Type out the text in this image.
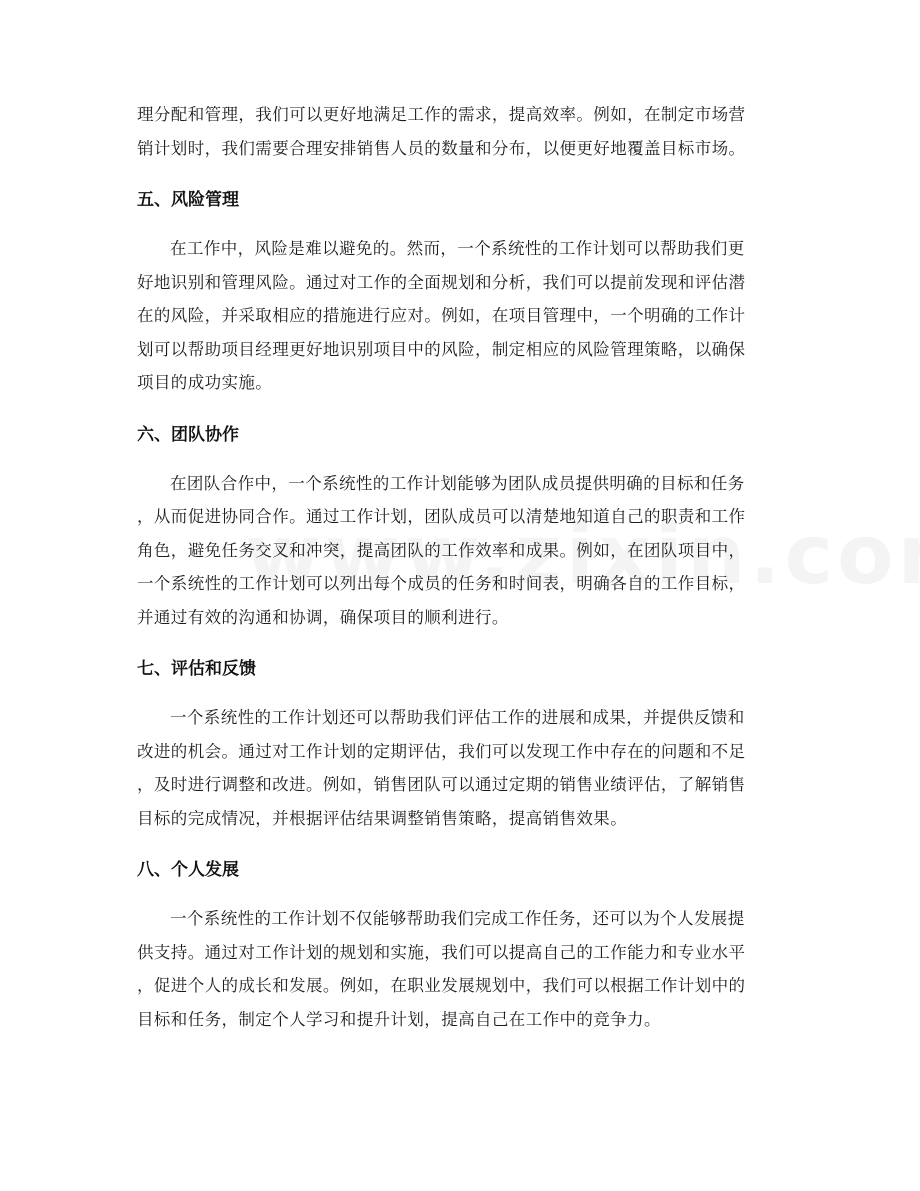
理分配和管理，我们可以更好地满足工作的需求，提高效率。例如，在制定市场营
销计划时，我们需要合理安排销售人员的数量和分布，以便更好地覆盖目标市场。

五、风险管理

在工作中，风险是难以避免的。然而，一个系统性的工作计划可以帮助我们更
好地识别和管理风险。通过对工作的全面规划和分析，我们可以提前发现和评估潜
在的风险，并采取相应的措施进行应对。例如，在项目管理中，一个明确的工作计
划可以帮助项目经理更好地识别项目中的风险，制定相应的风险管理策略，以确保
项目的成功实施。

六、团队协作

在团队合作中，一个系统性的工作计划能够为团队成员提供明确的目标和任务
，从而促进协同合作。通过工作计划，团队成员可以清楚地知道自己的职责和工作
角色，避免任务交叉和冲突，提高团队的工作效率和成果。例如，在团队项目中，
一个系统性的工作计划可以列出每个成员的任务和时间表，明确各自的工作目标，
并通过有效的沟通和协调，确保项目的顺利进行。

七、评估和反馈

一个系统性的工作计划还可以帮助我们评估工作的进展和成果，并提供反馈和
改进的机会。通过对工作计划的定期评估，我们可以发现工作中存在的问题和不足
，及时进行调整和改进。例如，销售团队可以通过定期的销售业绩评估，了解销售
目标的完成情况，并根据评估结果调整销售策略，提高销售效果。

八、个人发展

一个系统性的工作计划不仅能够帮助我们完成工作任务，还可以为个人发展提
供支持。通过对工作计划的规划和实施，我们可以提高自己的工作能力和专业水平
，促进个人的成长和发展。例如，在职业发展规划中，我们可以根据工作计划中的
目标和任务，制定个人学习和提升计划，提高自己在工作中的竞争力。
